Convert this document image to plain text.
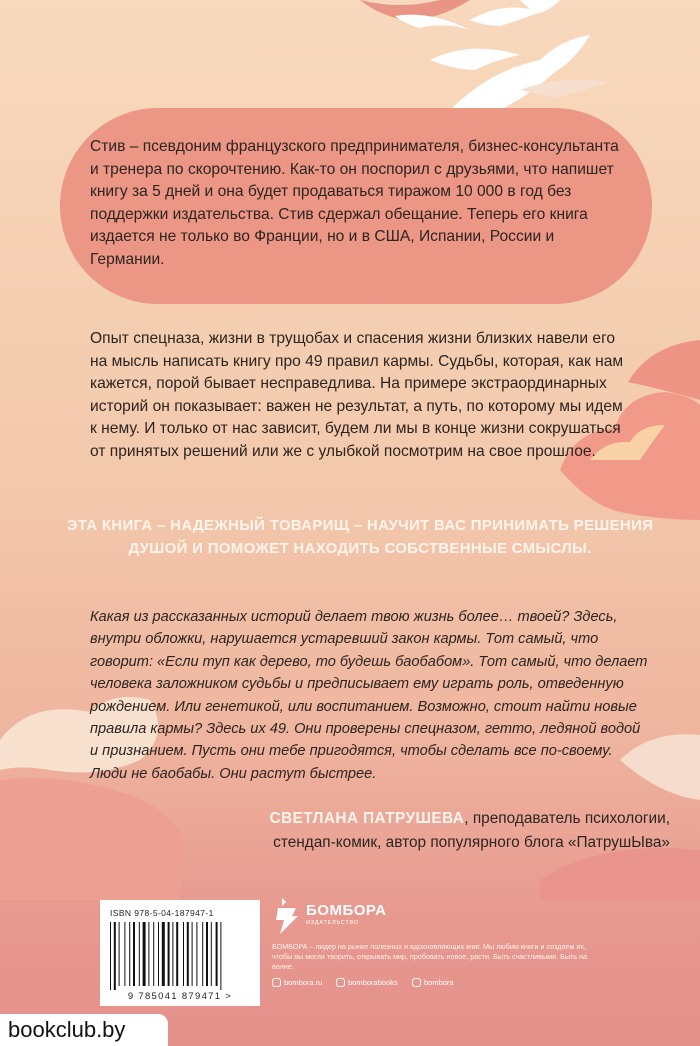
Стив – псевдоним французского предпринимателя, бизнес-консультанта и тренера по скорочтению. Как-то он поспорил с друзьями, что напишет книгу за 5 дней и она будет продаваться тиражом 10 000 в год без поддержки издательства. Стив сдержал обещание. Теперь его книга издается не только во Франции, но и в США, Испании, России и Германии.

Опыт спецназа, жизни в трущобах и спасения жизни близких навели его на мысль написать книгу про 49 правил кармы. Судьбы, которая, как нам кажется, порой бывает несправедлива. На примере экстраординарных историй он показывает: важен не результат, а путь, по которому мы идем к нему. И только от нас зависит, будем ли мы в конце жизни сокрушаться от принятых решений или же с улыбкой посмотрим на свое прошлое.

ЭТА КНИГА – НАДЕЖНЫЙ ТОВАРИЩ – НАУЧИТ ВАС ПРИНИМАТЬ РЕШЕНИЯ ДУШОЙ И ПОМОЖЕТ НАХОДИТЬ СОБСТВЕННЫЕ СМЫСЛЫ.

Какая из рассказанных историй делает твою жизнь более… твоей? Здесь, внутри обложки, нарушается устаревший закон кармы. Тот самый, что говорит: «Если туп как дерево, то будешь баобабом». Тот самый, что делает человека заложником судьбы и предписывает ему играть роль, отведенную рождением. Или генетикой, или воспитанием. Возможно, стоит найти новые правила кармы? Здесь их 49. Они проверены спецназом, гетто, ледяной водой и признанием. Пусть они тебе пригодятся, чтобы сделать все по-своему. Люди не баобабы. Они растут быстрее.

СВЕТЛАНА ПАТРУШЕВА, преподаватель психологии,

стендап-комик, автор популярного блога «ПатрушЫва»

ISBN 978-5-04-187947-1
9 785041 879471 >
БОМБОРА
ИЗДАТЕЛЬСТВО

БОМБОРА – лидер на рынке полезных и вдохновляющих книг. Мы любим книги и создаем их, чтобы вы могли творить, открывать мир, пробовать новое, расти. Быть счастливыми. Быть на волне.

bombora.ru	bomborabooks	bombora
bookclub.by
